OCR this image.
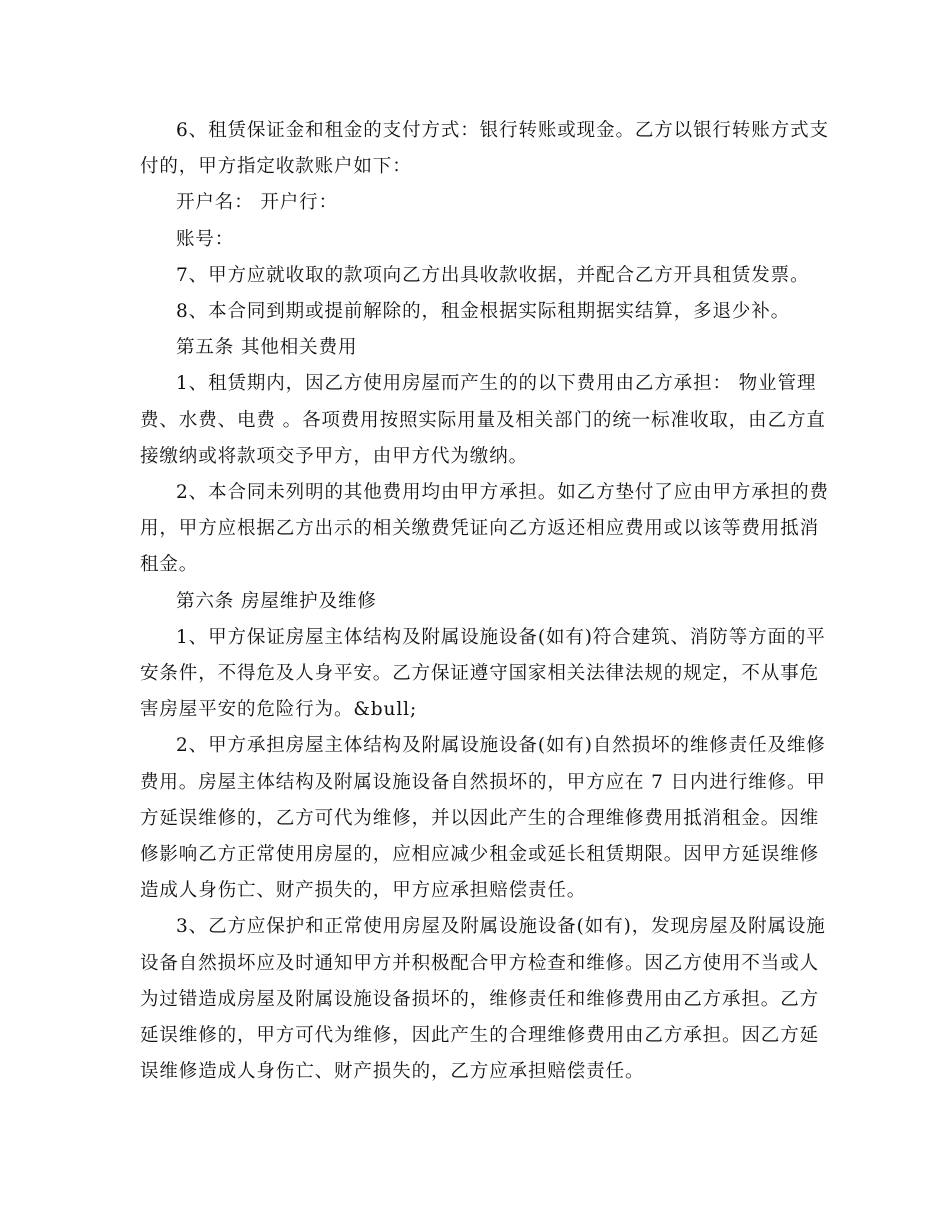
6、租赁保证金和租金的支付方式：银行转账或现金。乙方以银行转账方式支
付的，甲方指定收款账户如下：
开户名： 开户行：
账号：
7、甲方应就收取的款项向乙方出具收款收据，并配合乙方开具租赁发票。
8、本合同到期或提前解除的，租金根据实际租期据实结算，多退少补。
第五条 其他相关费用
1、租赁期内，因乙方使用房屋而产生的的以下费用由乙方承担： 物业管理
费、水费、电费 。各项费用按照实际用量及相关部门的统一标准收取，由乙方直
接缴纳或将款项交予甲方，由甲方代为缴纳。
2、本合同未列明的其他费用均由甲方承担。如乙方垫付了应由甲方承担的费
用，甲方应根据乙方出示的相关缴费凭证向乙方返还相应费用或以该等费用抵消
租金。
第六条 房屋维护及维修
1、甲方保证房屋主体结构及附属设施设备(如有)符合建筑、消防等方面的平
安条件，不得危及人身平安。乙方保证遵守国家相关法律法规的规定，不从事危
害房屋平安的危险行为。&bull;
2、甲方承担房屋主体结构及附属设施设备(如有)自然损坏的维修责任及维修
费用。房屋主体结构及附属设施设备自然损坏的，甲方应在 7 日内进行维修。甲
方延误维修的，乙方可代为维修，并以因此产生的合理维修费用抵消租金。因维
修影响乙方正常使用房屋的，应相应减少租金或延长租赁期限。因甲方延误维修
造成人身伤亡、财产损失的，甲方应承担赔偿责任。
3、乙方应保护和正常使用房屋及附属设施设备(如有)，发现房屋及附属设施
设备自然损坏应及时通知甲方并积极配合甲方检查和维修。因乙方使用不当或人
为过错造成房屋及附属设施设备损坏的，维修责任和维修费用由乙方承担。乙方
延误维修的，甲方可代为维修，因此产生的合理维修费用由乙方承担。因乙方延
误维修造成人身伤亡、财产损失的，乙方应承担赔偿责任。
